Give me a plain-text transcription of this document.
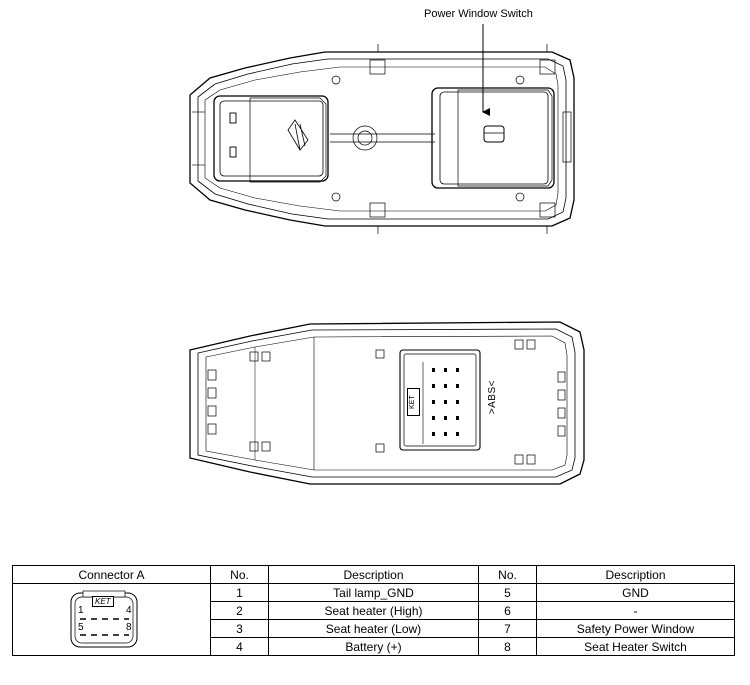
Power Window Switch
KET	>ABS<
Connector A	No.	Description	No.	Description

KET
1 4
5 8	1	Tail lamp_GND	5	GND
	2	Seat heater (High)	6	-
	3	Seat heater (Low)	7	Safety Power Window
	4	Battery (+)	8	Seat Heater Switch
